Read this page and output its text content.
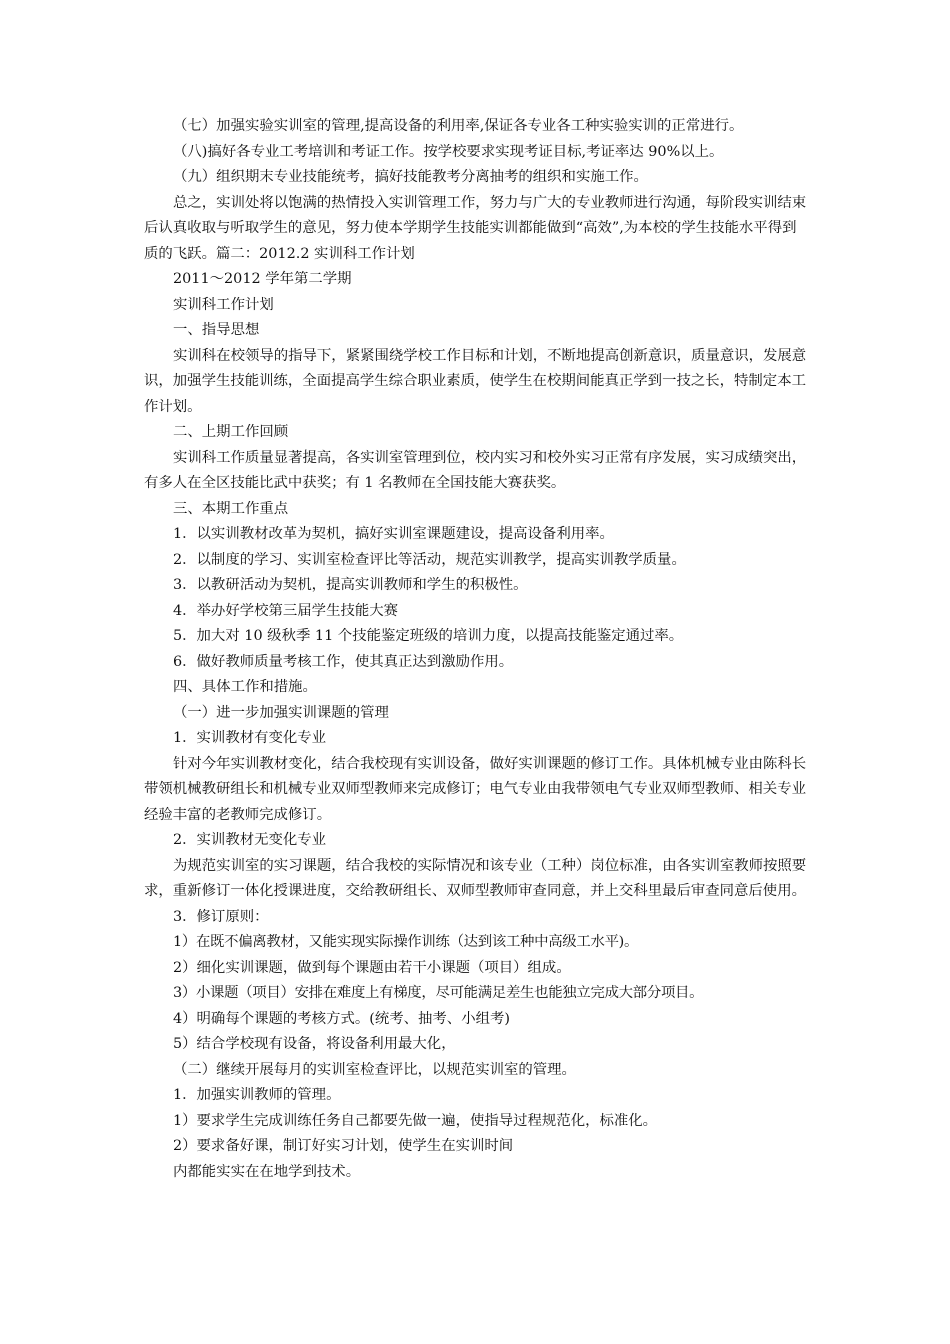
（七）加强实验实训室的管理,提高设备的利用率,保证各专业各工种实验实训的正常进行。

（八)搞好各专业工考培训和考证工作。按学校要求实现考证目标,考证率达 90%以上。

（九）组织期末专业技能统考，搞好技能教考分离抽考的组织和实施工作。

总之，实训处将以饱满的热情投入实训管理工作，努力与广大的专业教师进行沟通，每阶段实训结束后认真收取与听取学生的意见，努力使本学期学生技能实训都能做到“高效”,为本校的学生技能水平得到质的飞跃。篇二：2012.2 实训科工作计划

2011～2012 学年第二学期

实训科工作计划

一、指导思想

实训科在校领导的指导下，紧紧围绕学校工作目标和计划，不断地提高创新意识，质量意识，发展意识，加强学生技能训练，全面提高学生综合职业素质，使学生在校期间能真正学到一技之长，特制定本工作计划。

二、上期工作回顾

实训科工作质量显著提高，各实训室管理到位，校内实习和校外实习正常有序发展，实习成绩突出，有多人在全区技能比武中获奖；有 1 名教师在全国技能大赛获奖。

三、本期工作重点

1．以实训教材改革为契机，搞好实训室课题建设，提高设备利用率。

2．以制度的学习、实训室检查评比等活动，规范实训教学，提高实训教学质量。

3．以教研活动为契机，提高实训教师和学生的积极性。

4．举办好学校第三届学生技能大赛

5．加大对 10 级秋季 11 个技能鉴定班级的培训力度，以提高技能鉴定通过率。

6．做好教师质量考核工作，使其真正达到激励作用。

四、具体工作和措施。

（一）进一步加强实训课题的管理

1．实训教材有变化专业

针对今年实训教材变化，结合我校现有实训设备，做好实训课题的修订工作。具体机械专业由陈科长带领机械教研组长和机械专业双师型教师来完成修订；电气专业由我带领电气专业双师型教师、相关专业经验丰富的老教师完成修订。

2．实训教材无变化专业

为规范实训室的实习课题，结合我校的实际情况和该专业（工种）岗位标准，由各实训室教师按照要求，重新修订一体化授课进度，交给教研组长、双师型教师审查同意，并上交科里最后审查同意后使用。

3．修订原则：

1）在既不偏离教材，又能实现实际操作训练（达到该工种中高级工水平)。

2）细化实训课题，做到每个课题由若干小课题（项目）组成。

3）小课题（项目）安排在难度上有梯度，尽可能满足差生也能独立完成大部分项目。

4）明确每个课题的考核方式。(统考、抽考、小组考)

5）结合学校现有设备，将设备利用最大化，

（二）继续开展每月的实训室检查评比，以规范实训室的管理。

1．加强实训教师的管理。

1）要求学生完成训练任务自己都要先做一遍，使指导过程规范化，标准化。

2）要求备好课，制订好实习计划，使学生在实训时间

内都能实实在在地学到技术。
